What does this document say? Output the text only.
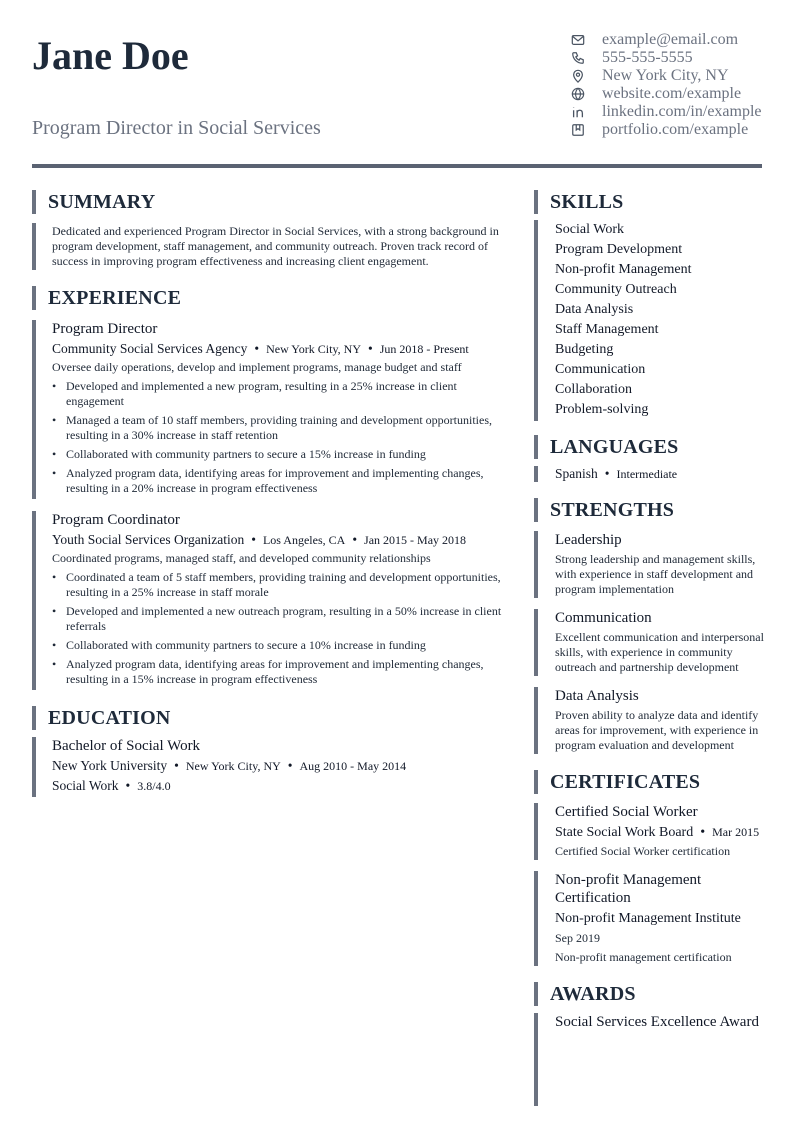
Jane Doe
Program Director in Social Services
example@email.com
555-555-5555
New York City, NY
website.com/example
linkedin.com/in/example
portfolio.com/example
SUMMARY
Dedicated and experienced Program Director in Social Services, with a strong background in program development, staff management, and community outreach. Proven track record of success in improving program effectiveness and increasing client engagement.
EXPERIENCE
Program Director
Community Social Services Agency • New York City, NY • Jun 2018 - Present
Oversee daily operations, develop and implement programs, manage budget and staff
• Developed and implemented a new program, resulting in a 25% increase in client engagement
• Managed a team of 10 staff members, providing training and development opportunities, resulting in a 30% increase in staff retention
• Collaborated with community partners to secure a 15% increase in funding
• Analyzed program data, identifying areas for improvement and implementing changes, resulting in a 20% increase in program effectiveness
Program Coordinator
Youth Social Services Organization • Los Angeles, CA • Jan 2015 - May 2018
Coordinated programs, managed staff, and developed community relationships
• Coordinated a team of 5 staff members, providing training and development opportunities, resulting in a 25% increase in staff morale
• Developed and implemented a new outreach program, resulting in a 50% increase in client referrals
• Collaborated with community partners to secure a 10% increase in funding
• Analyzed program data, identifying areas for improvement and implementing changes, resulting in a 15% increase in program effectiveness
EDUCATION
Bachelor of Social Work
New York University • New York City, NY • Aug 2010 - May 2014
Social Work • 3.8/4.0
SKILLS
Social Work
Program Development
Non-profit Management
Community Outreach
Data Analysis
Staff Management
Budgeting
Communication
Collaboration
Problem-solving
LANGUAGES
Spanish • Intermediate
STRENGTHS
Leadership
Strong leadership and management skills, with experience in staff development and program implementation
Communication
Excellent communication and interpersonal skills, with experience in community outreach and partnership development
Data Analysis
Proven ability to analyze data and identify areas for improvement, with experience in program evaluation and development
CERTIFICATES
Certified Social Worker
State Social Work Board • Mar 2015
Certified Social Worker certification
Non-profit Management Certification
Non-profit Management Institute
Sep 2019
Non-profit management certification
AWARDS
Social Services Excellence Award
